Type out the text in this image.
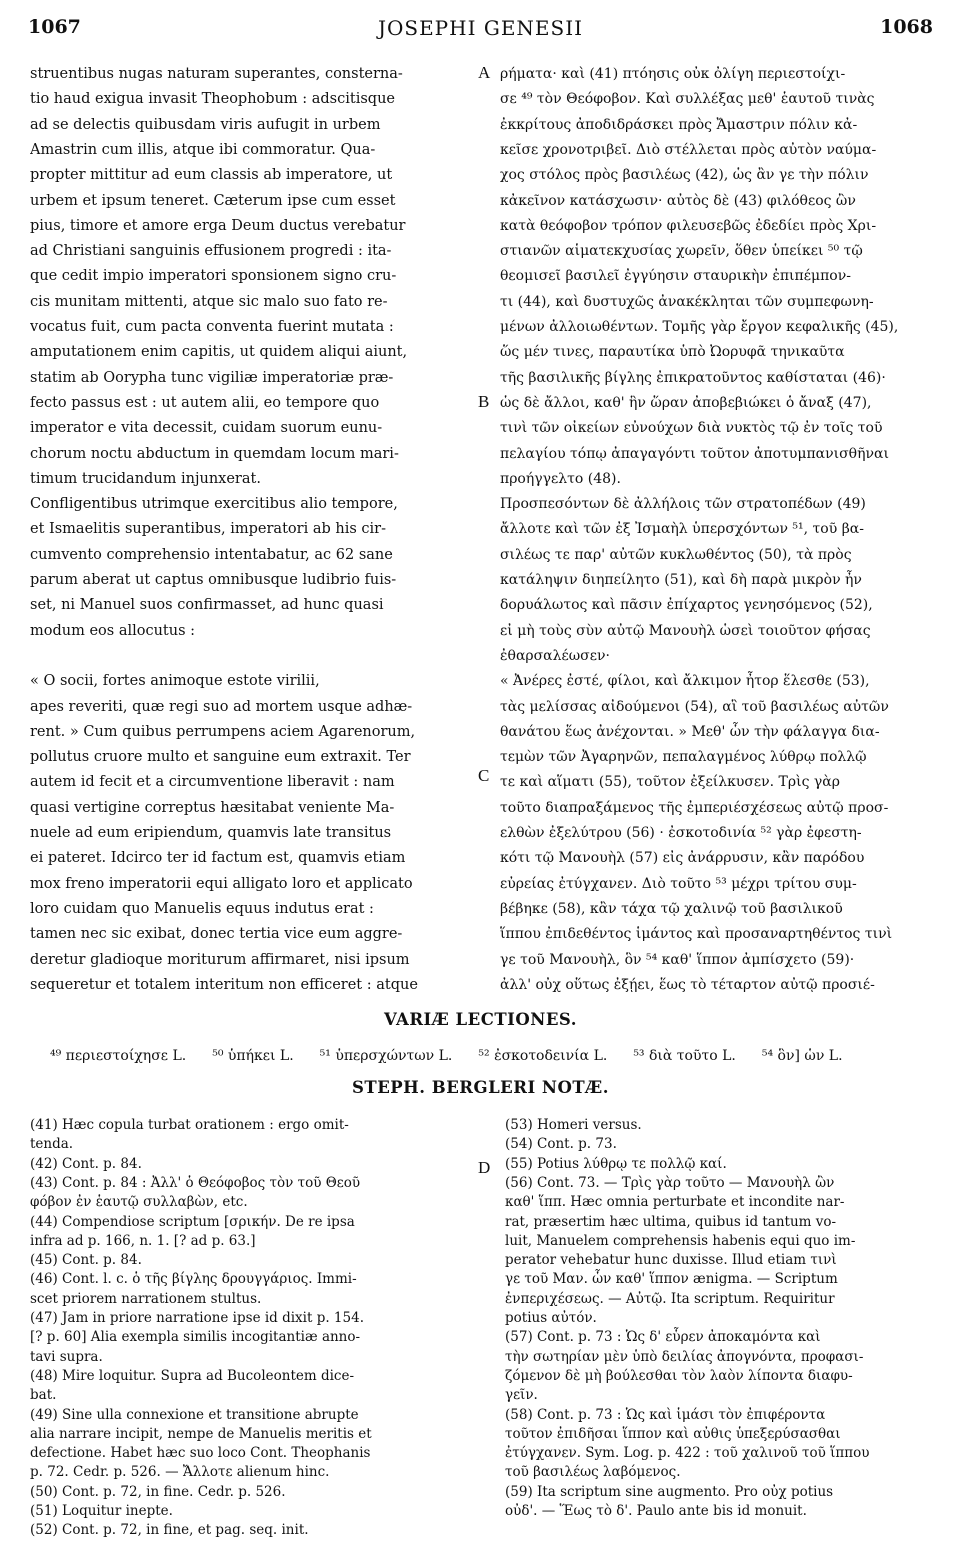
1067	JOSEPHI GENESII	1068
struentibus nugas naturam superantes, consterna-
tio haud exigua invasit Theophobum : adscitisque
ad se delectis quibusdam viris aufugit in urbem
Amastrin cum illis, atque ibi commoratur. Qua-
propter mittitur ad eum classis ab imperatore, ut
urbem et ipsum teneret. Cæterum ipse cum esset
pius, timore et amore erga Deum ductus verebatur
ad Christiani sanguinis effusionem progredi : ita-
que cedit impio imperatori sponsionem signo cru-
cis munitam mittenti, atque sic malo suo fato re-
vocatus fuit, cum pacta conventa fuerint mutata :
amputationem enim capitis, ut quidem aliqui aiunt,
statim ab Oorypha tunc vigiliæ imperatoriæ præ-
fecto passus est : ut autem alii, eo tempore quo
imperator e vita decessit, cuidam suorum eunu-
chorum noctu abductum in quemdam locum mari-
timum trucidandum injunxerat.
Confligentibus utrimque exercitibus alio tempore,
et Ismaelitis superantibus, imperatori ab his cir-
cumvento comprehensio intentabatur, ac 62 sane
parum aberat ut captus omnibusque ludibrio fuis-
set, ni Manuel suos confirmasset, ad hunc quasi
modum eos allocutus :
« O socii, fortes animoque estote viriliі,
apes reveriti, quæ regi suo ad mortem usque adhæ-
rent. » Cum quibus perrumpens aciem Agarenorum,
pollutus cruore multo et sanguine eum extraxit. Ter
autem id fecit et a circumventione liberavit : nam
quasi vertigine correptus hæsitabat veniente Ma-
nuele ad eum eripiendum, quamvis late transitus
ei pateret. Idcirco ter id factum est, quamvis etiam
mox freno imperatorii equi alligato loro et applicato
loro cuidam quo Manuelis equus indutus erat :
tamen nec sic exibat, donec tertia vice eum aggre-
deretur gladioque moriturum affirmaret, nisi ipsum
sequeretur et totalem interitum non efficeret : atque
ρήματα· καὶ (41) πτόησις οὐκ ὀλίγη περιεστοίχι-
σε ⁴⁹ τὸν Θεόφοβον. Καὶ συλλέξας μεθ' ἑαυτοῦ τινὰς
ἐκκρίτους ἀποδιδράσκει πρὸς Ἄμαστριν πόλιν κἀ-
κεῖσε χρονοτριβεῖ. Διὸ στέλλεται πρὸς αὐτὸν ναύμα-
χος στόλος πρὸς βασιλέως (42), ὡς ἂν γε τὴν πόλιν
κἀκεῖνον κατάσχωσιν· αὐτὸς δὲ (43) φιλόθεος ὢν
κατὰ θεόφοβον τρόπον φιλευσεβῶς ἐδεδίει πρὸς Χρι-
στιανῶν αἱματεκχυσίας χωρεῖν, ὅθεν ὑπείκει ⁵⁰ τῷ
θεομισεῖ βασιλεῖ ἐγγύησιν σταυρικὴν ἐπιπέμπον-
τι (44), καὶ δυστυχῶς ἀνακέκληται τῶν συμπεφωνη-
μένων ἀλλοιωθέντων. Τομῆς γὰρ ἔργον κεφαλικῆς (45),
ὥς μέν τινες, παραυτίκα ὑπὸ Ὠορυφᾶ τηνικαῦτα
τῆς βασιλικῆς βίγλης ἐπικρατοῦντος καθίσταται (46)·
ὡς δὲ ἄλλοι, καθ' ἣν ὥραν ἀποβεβιώκει ὁ ἄναξ (47),
τινὶ τῶν οἰκείων εὐνούχων διὰ νυκτὸς τῷ ἐν τοῖς τοῦ
πελαγίου τόπῳ ἀπαγαγόντι τοῦτον ἀποτυμπανισθῆναι
προήγγελτο (48).
Προσπεσόντων δὲ ἀλλήλοις τῶν στρατοπέδων (49)
ἄλλοτε καὶ τῶν ἐξ Ἰσμαὴλ ὑπερσχόντων ⁵¹, τοῦ βα-
σιλέως τε παρ' αὐτῶν κυκλωθέντος (50), τὰ πρὸς
κατάληψιν διηπείλητο (51), καὶ δὴ παρὰ μικρὸν ἦν
δορυάλωτος καὶ πᾶσιν ἐπίχαρτος γενησόμενος (52),
εἰ μὴ τοὺς σὺν αὐτῷ Μανουὴλ ὡσεὶ τοιοῦτον φήσας
ἐθαρσαλέωσεν·
« Ἀνέρες ἐστέ, φίλοι, καὶ ἄλκιμον ἦτορ ἕλεσθε (53),
τὰς μελίσσας αἰδούμενοι (54), αἳ τοῦ βασιλέως αὐτῶν
θανάτου ἕως ἀνέχονται. » Μεθ' ὧν τὴν φάλαγγα δια-
τεμὼν τῶν Ἀγαρηνῶν, πεπαλαγμένος λύθρῳ πολλῷ
τε καὶ αἵματι (55), τοῦτον ἐξείλκυσεν. Τρὶς γὰρ
τοῦτο διαπραξάμενος τῆς ἐμπεριέσχέσεως αὐτῷ προσ-
ελθὼν ἐξελύτρου (56) · ἐσκοτοδινία ⁵² γὰρ ἐφεστη-
κότι τῷ Μανουὴλ (57) εἰς ἀνάρρυσιν, κἂν παρόδου
εὐρείας ἐτύγχανεν. Διὸ τοῦτο ⁵³ μέχρι τρίτου συμ-
βέβηκε (58), κἂν τάχα τῷ χαλινῷ τοῦ βασιλικοῦ
ἵππου ἐπιδεθέντος ἱμάντος καὶ προσαναρτηθέντος τινὶ
γε τοῦ Μανουὴλ, ὃν ⁵⁴ καθ' ἵππον ἀμπίσχετο (59)·
ἀλλ' οὐχ οὕτως ἐξῄει, ἕως τὸ τέταρτον αὐτῷ προσιέ-
A
B
C
D
VARIÆ LECTIONES.
⁴⁹ περιεστοίχησε L. ⁵⁰ ὑπήκει L. ⁵¹ ὑπερσχώντων L. ⁵² ἐσκοτοδεινία L. ⁵³ διὰ τοῦτο L. ⁵⁴ ὃν] ὧν L.
STEPH. BERGLERI NOTÆ.
(41) Hæc copula turbat orationem : ergo omit-
tenda.
(42) Cont. p. 84.
(43) Cont. p. 84 : Ἀλλ' ὁ Θεόφοβος τὸν τοῦ Θεοῦ
φόβον ἐν ἑαυτῷ συλλαβὼν, etc.
(44) Compendiose scriptum [σρικήν. De re ipsa
infra ad p. 166, n. 1. [? ad p. 63.]
(45) Cont. p. 84.
(46) Cont. l. c. ὁ τῆς βίγλης δρουγγάριος. Immi-
scet priorem narrationem stultus.
(47) Jam in priore narratione ipse id dixit p. 154.
[? p. 60] Alia exempla similis incogitantiæ anno-
tavi supra.
(48) Mire loquitur. Supra ad Bucoleontem dice-
bat.
(49) Sine ulla connexione et transitione abrupte
alia narrare incipit, nempe de Manuelis meritis et
defectione. Habet hæc suo loco Cont. Theophanis
p. 72. Cedr. p. 526. — Ἄλλοτε alienum hinc.
(50) Cont. p. 72, in fine. Cedr. p. 526.
(51) Loquitur inepte.
(52) Cont. p. 72, in fine, et pag. seq. init.
(53) Homeri versus.
(54) Cont. p. 73.
(55) Potius λύθρῳ τε πολλῷ καί.
(56) Cont. 73. — Τρὶς γὰρ τοῦτο — Μανουὴλ ὢν
καθ' ἵππ. Hæc omnia perturbate et incondite nar-
rat, præsertim hæc ultima, quibus id tantum vo-
luit, Manuelem comprehensis habenis equi quo im-
perator vehebatur hunc duxisse. Illud etiam τινὶ
γε τοῦ Μαν. ὧν καθ' ἵππον ænigma. — Scriptum
ἐνπεριχέσεως. — Αὐτῷ. Ita scriptum. Requiritur
potius αὐτόν.
(57) Cont. p. 73 : Ὡς δ' εὗρεν ἀποκαμόντα καὶ
τὴν σωτηρίαν μὲν ὑπὸ δειλίας ἀπογνόντα, προφασι-
ζόμενον δὲ μὴ βούλεσθαι τὸν λαὸν λίποντα διαφυ-
γεῖν.
(58) Cont. p. 73 : Ὡς καὶ ἱμάσι τὸν ἐπιφέροντα
τοῦτον ἐπιδῆσαι ἵππον καὶ αὐθις ὑπεξερύσασθαι
ἐτύγχανεν. Sym. Log. p. 422 : τοῦ χαλινοῦ τοῦ ἵππου
τοῦ βασιλέως λαβόμενος.
(59) Ita scriptum sine augmento. Pro οὐχ potius
οὐδ'. — Ἕως τὸ δ'. Paulo ante bis id monuit.
